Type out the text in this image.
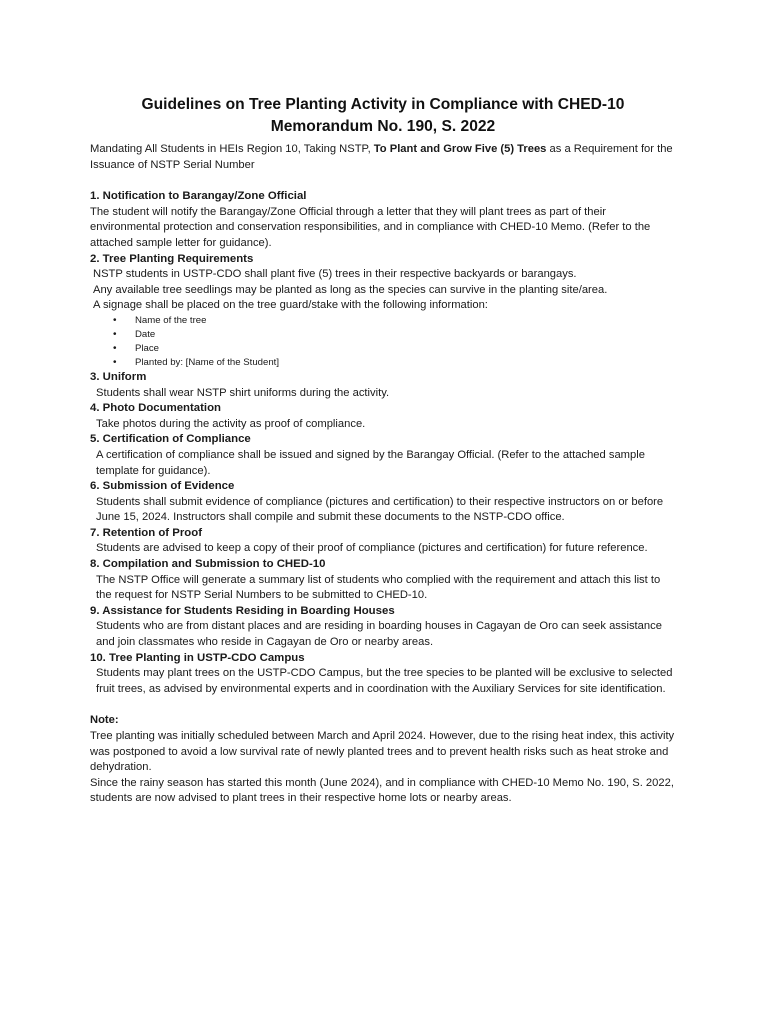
Guidelines on Tree Planting Activity in Compliance with CHED-10 Memorandum No. 190, S. 2022

Mandating All Students in HEIs Region 10, Taking NSTP, To Plant and Grow Five (5) Trees as a Requirement for the Issuance of NSTP Serial Number

1. Notification to Barangay/Zone Official

The student will notify the Barangay/Zone Official through a letter that they will plant trees as part of their environmental protection and conservation responsibilities, and in compliance with CHED-10 Memo. (Refer to the attached sample letter for guidance).

2. Tree Planting Requirements

NSTP students in USTP-CDO shall plant five (5) trees in their respective backyards or barangays.

Any available tree seedlings may be planted as long as the species can survive in the planting site/area.

A signage shall be placed on the tree guard/stake with the following information:

• Name of the tree
• Date
• Place
• Planted by: [Name of the Student]
3. Uniform

Students shall wear NSTP shirt uniforms during the activity.

4. Photo Documentation

Take photos during the activity as proof of compliance.

5. Certification of Compliance

A certification of compliance shall be issued and signed by the Barangay Official. (Refer to the attached sample template for guidance).

6. Submission of Evidence

Students shall submit evidence of compliance (pictures and certification) to their respective instructors on or before June 15, 2024. Instructors shall compile and submit these documents to the NSTP-CDO office.

7. Retention of Proof

Students are advised to keep a copy of their proof of compliance (pictures and certification) for future reference.

8. Compilation and Submission to CHED-10

The NSTP Office will generate a summary list of students who complied with the requirement and attach this list to the request for NSTP Serial Numbers to be submitted to CHED-10.

9. Assistance for Students Residing in Boarding Houses

Students who are from distant places and are residing in boarding houses in Cagayan de Oro can seek assistance and join classmates who reside in Cagayan de Oro or nearby areas.

10. Tree Planting in USTP-CDO Campus

Students may plant trees on the USTP-CDO Campus, but the tree species to be planted will be exclusive to selected fruit trees, as advised by environmental experts and in coordination with the Auxiliary Services for site identification.

Note:

Tree planting was initially scheduled between March and April 2024. However, due to the rising heat index, this activity was postponed to avoid a low survival rate of newly planted trees and to prevent health risks such as heat stroke and dehydration.

Since the rainy season has started this month (June 2024), and in compliance with CHED-10 Memo No. 190, S. 2022, students are now advised to plant trees in their respective home lots or nearby areas.
